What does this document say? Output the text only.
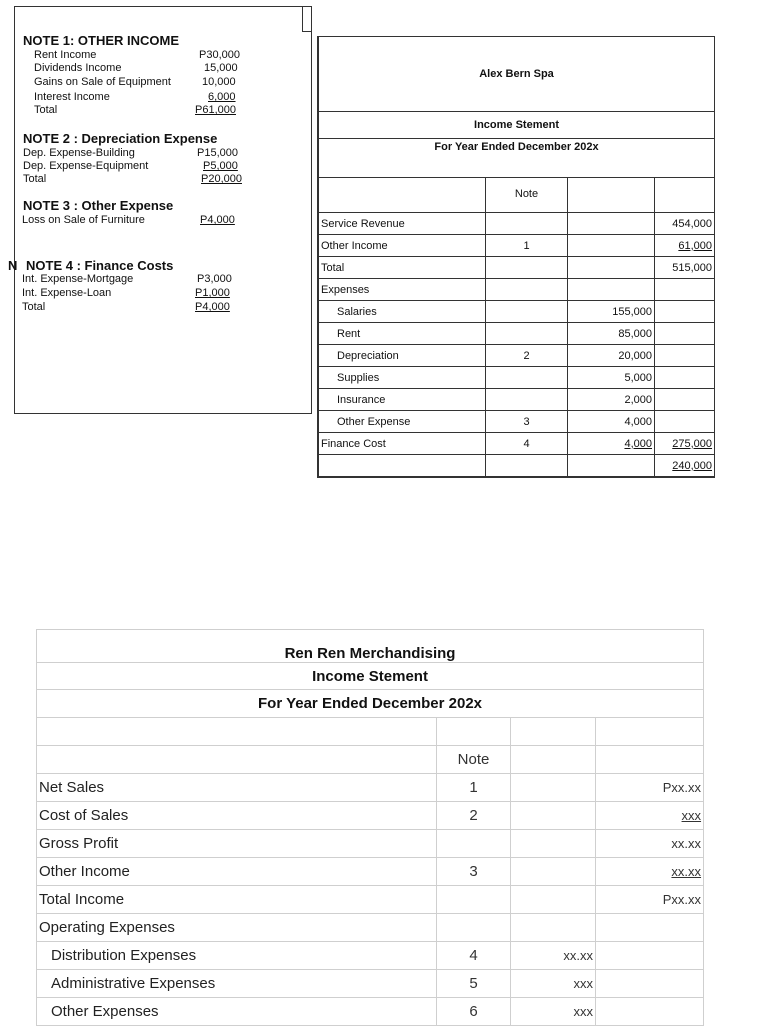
NOTE 1: OTHER INCOME
Rent Income	P30,000
Dividends Income	15,000
Gains on Sale of Equipment	10,000
Interest Income	6,000
Total	P61,000
NOTE 2 : Depreciation Expense
Dep. Expense-Building	P15,000
Dep. Expense-Equipment	P5,000
Total	P20,000
NOTE 3 : Other Expense
Loss on Sale of Furniture	P4,000
N NOTE 4 : Finance Costs
Int. Expense-Mortgage	P3,000
Int. Expense-Loan	P1,000
Total	P4,000
Alex Bern Spa			
Income Stement			
For Year Ended December 202x			
	Note		
Service Revenue			454,000
Other Income	1		61,000
Total			515,000
Expenses			
Salaries		155,000	
Rent		85,000	
Depreciation	2	20,000	
Supplies		5,000	
Insurance		2,000	
Other Expense	3	4,000	
Finance Cost	4	4,000	275,000
			240,000
Ren Ren Merchandising			
Income Stement			
For Year Ended December 202x			

	Note		
Net Sales	1		Pxx.xx
Cost of Sales	2		xxx
Gross Profit			xx.xx
Other Income	3		xx.xx
Total Income			Pxx.xx
Operating Expenses			
Distribution Expenses	4	xx.xx	
Administrative Expenses	5	xxx	
Other Expenses	6	xxx	
